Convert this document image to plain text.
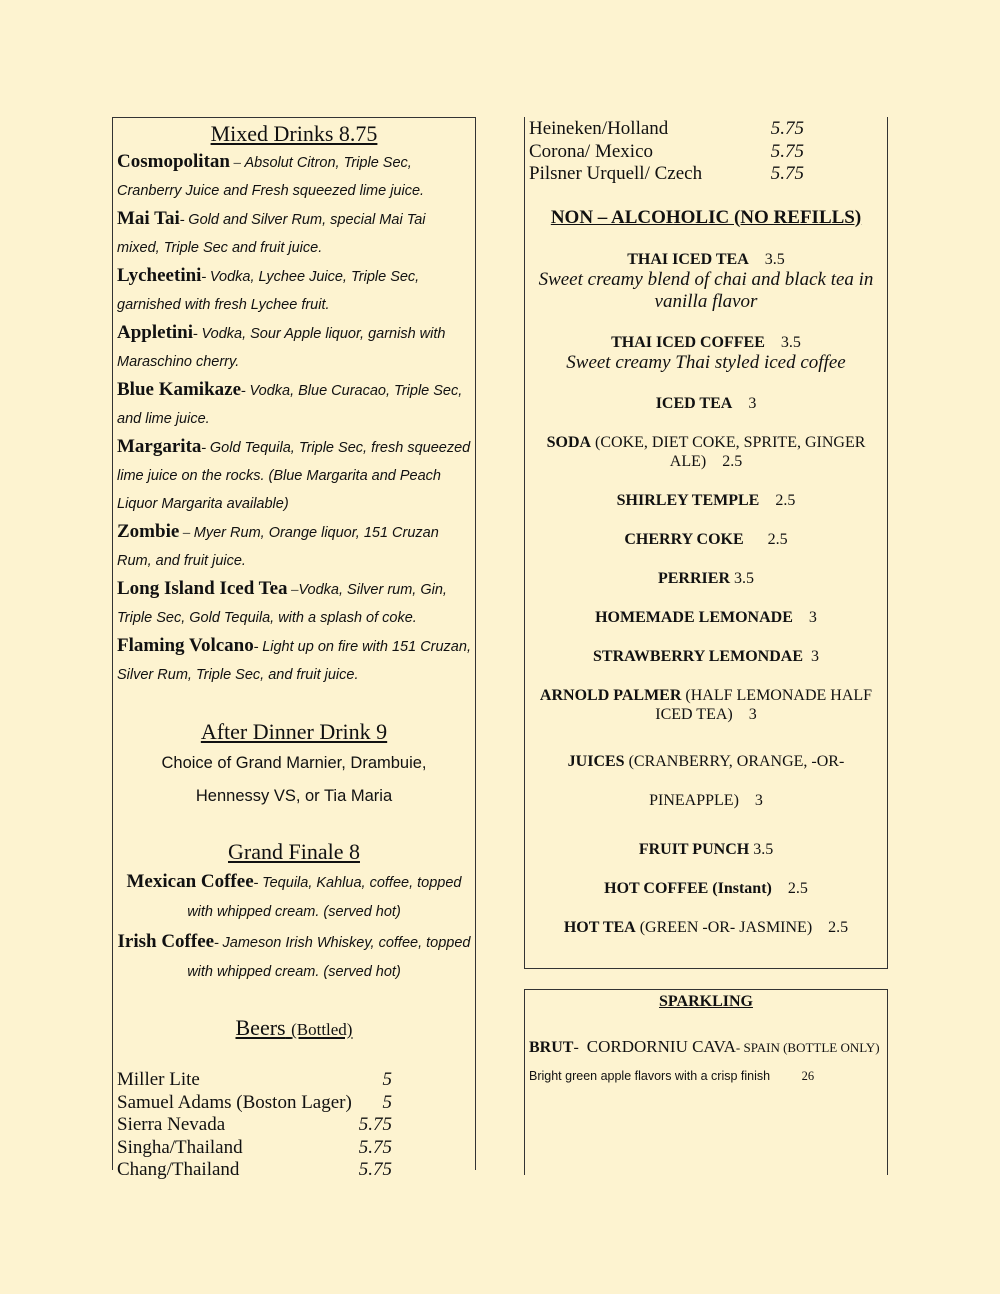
Mixed Drinks 8.75
Cosmopolitan – Absolut Citron, Triple Sec, Cranberry Juice and Fresh squeezed lime juice.
Mai Tai- Gold and Silver Rum, special Mai Tai mixed, Triple Sec and fruit juice.
Lycheetini- Vodka, Lychee Juice, Triple Sec, garnished with fresh Lychee fruit.
Appletini- Vodka, Sour Apple liquor, garnish with Maraschino cherry.
Blue Kamikaze- Vodka, Blue Curacao, Triple Sec, and lime juice.
Margarita- Gold Tequila, Triple Sec, fresh squeezed lime juice on the rocks. (Blue Margarita and Peach Liquor Margarita available)
Zombie – Myer Rum, Orange liquor, 151 Cruzan Rum, and fruit juice.
Long Island Iced Tea –Vodka, Silver rum, Gin, Triple Sec, Gold Tequila, with a splash of coke.
Flaming Volcano- Light up on fire with 151 Cruzan, Silver Rum, Triple Sec, and fruit juice.
After Dinner Drink 9
Choice of Grand Marnier, Drambuie,
Hennessy VS, or Tia Maria
Grand Finale 8
Mexican Coffee- Tequila, Kahlua, coffee, topped with whipped cream. (served hot)
Irish Coffee- Jameson Irish Whiskey, coffee, topped with whipped cream. (served hot)
Beers (Bottled)
Miller Lite	5
Samuel Adams (Boston Lager)	5
Sierra Nevada	5.75
Singha/Thailand	5.75
Chang/Thailand	5.75
Heineken/Holland	5.75
Corona/ Mexico	5.75
Pilsner Urquell/ Czech	5.75
NON – ALCOHOLIC (NO REFILLS)
THAI ICED TEA 3.5
Sweet creamy blend of chai and black tea in vanilla flavor
THAI ICED COFFEE 3.5
Sweet creamy Thai styled iced coffee
ICED TEA 3
SODA (COKE, DIET COKE, SPRITE, GINGER ALE) 2.5
SHIRLEY TEMPLE 2.5
CHERRY COKE 2.5
PERRIER 3.5
HOMEMADE LEMONADE 3
STRAWBERRY LEMONDAE 3
ARNOLD PALMER (HALF LEMONADE HALF ICED TEA) 3
JUICES (CRANBERRY, ORANGE, -OR-
PINEAPPLE) 3
FRUIT PUNCH 3.5
HOT COFFEE (Instant) 2.5
HOT TEA (GREEN -OR- JASMINE) 2.5
SPARKLING
BRUT-  CORDORNIU CAVA- SPAIN (BOTTLE ONLY)
Bright green apple flavors with a crisp finish	26
